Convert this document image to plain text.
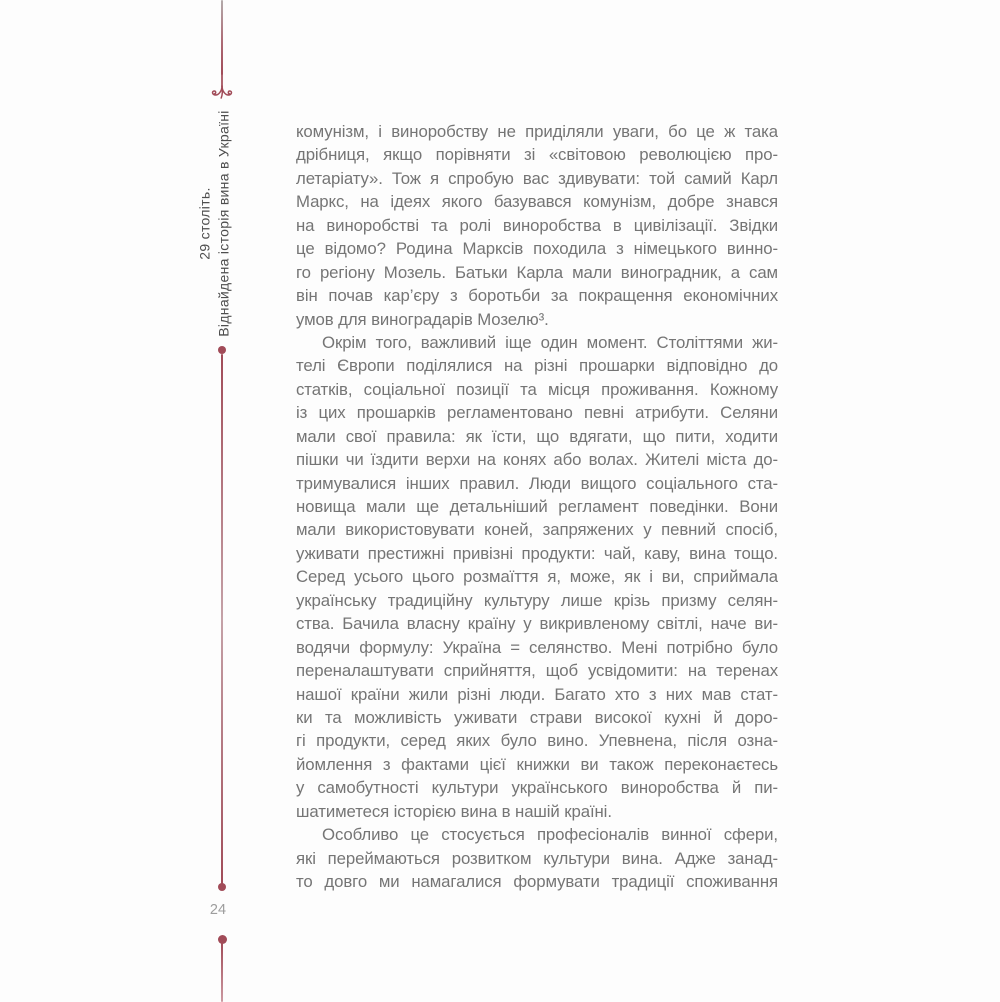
29 століть. Віднайдена історія вина в Україні
24
комунізм, і виноробству не приділяли уваги, бо це ж така
дрібниця, якщо порівняти зі «світовою революцією про-
летаріату». Тож я спробую вас здивувати: той самий Карл
Маркс, на ідеях якого базувався комунізм, добре знався
на виноробстві та ролі виноробства в цивілізації. Звідки
це відомо? Родина Марксів походила з німецького винно-
го регіону Мозель. Батьки Карла мали виноградник, а сам
він почав кар’єру з боротьби за покращення економічних
умов для виноградарів Мозелю³.
Окрім того, важливий іще один момент. Століттями жи-
телі Європи поділялися на різні прошарки відповідно до
статків, соціальної позиції та місця проживання. Кожному
із цих прошарків регламентовано певні атрибути. Селяни
мали свої правила: як їсти, що вдягати, що пити, ходити
пішки чи їздити верхи на конях або волах. Жителі міста до-
тримувалися інших правил. Люди вищого соціального ста-
новища мали ще детальніший регламент поведінки. Вони
мали використовувати коней, запряжених у певний спосіб,
уживати престижні привізні продукти: чай, каву, вина тощо.
Серед усього цього розмаїття я, може, як і ви, сприймала
українську традиційну культуру лише крізь призму селян-
ства. Бачила власну країну у викривленому світлі, наче ви-
водячи формулу: Україна = селянство. Мені потрібно було
переналаштувати сприйняття, щоб усвідомити: на теренах
нашої країни жили різні люди. Багато хто з них мав стат-
ки та можливість уживати страви високої кухні й доро-
гі продукти, серед яких було вино. Упевнена, після озна-
йомлення з фактами цієї книжки ви також переконаєтесь
у самобутності культури українського виноробства й пи-
шатиметеся історією вина в нашій країні.
Особливо це стосується професіоналів винної сфери,
які переймаються розвитком культури вина. Адже занад-
то довго ми намагалися формувати традиції споживання
